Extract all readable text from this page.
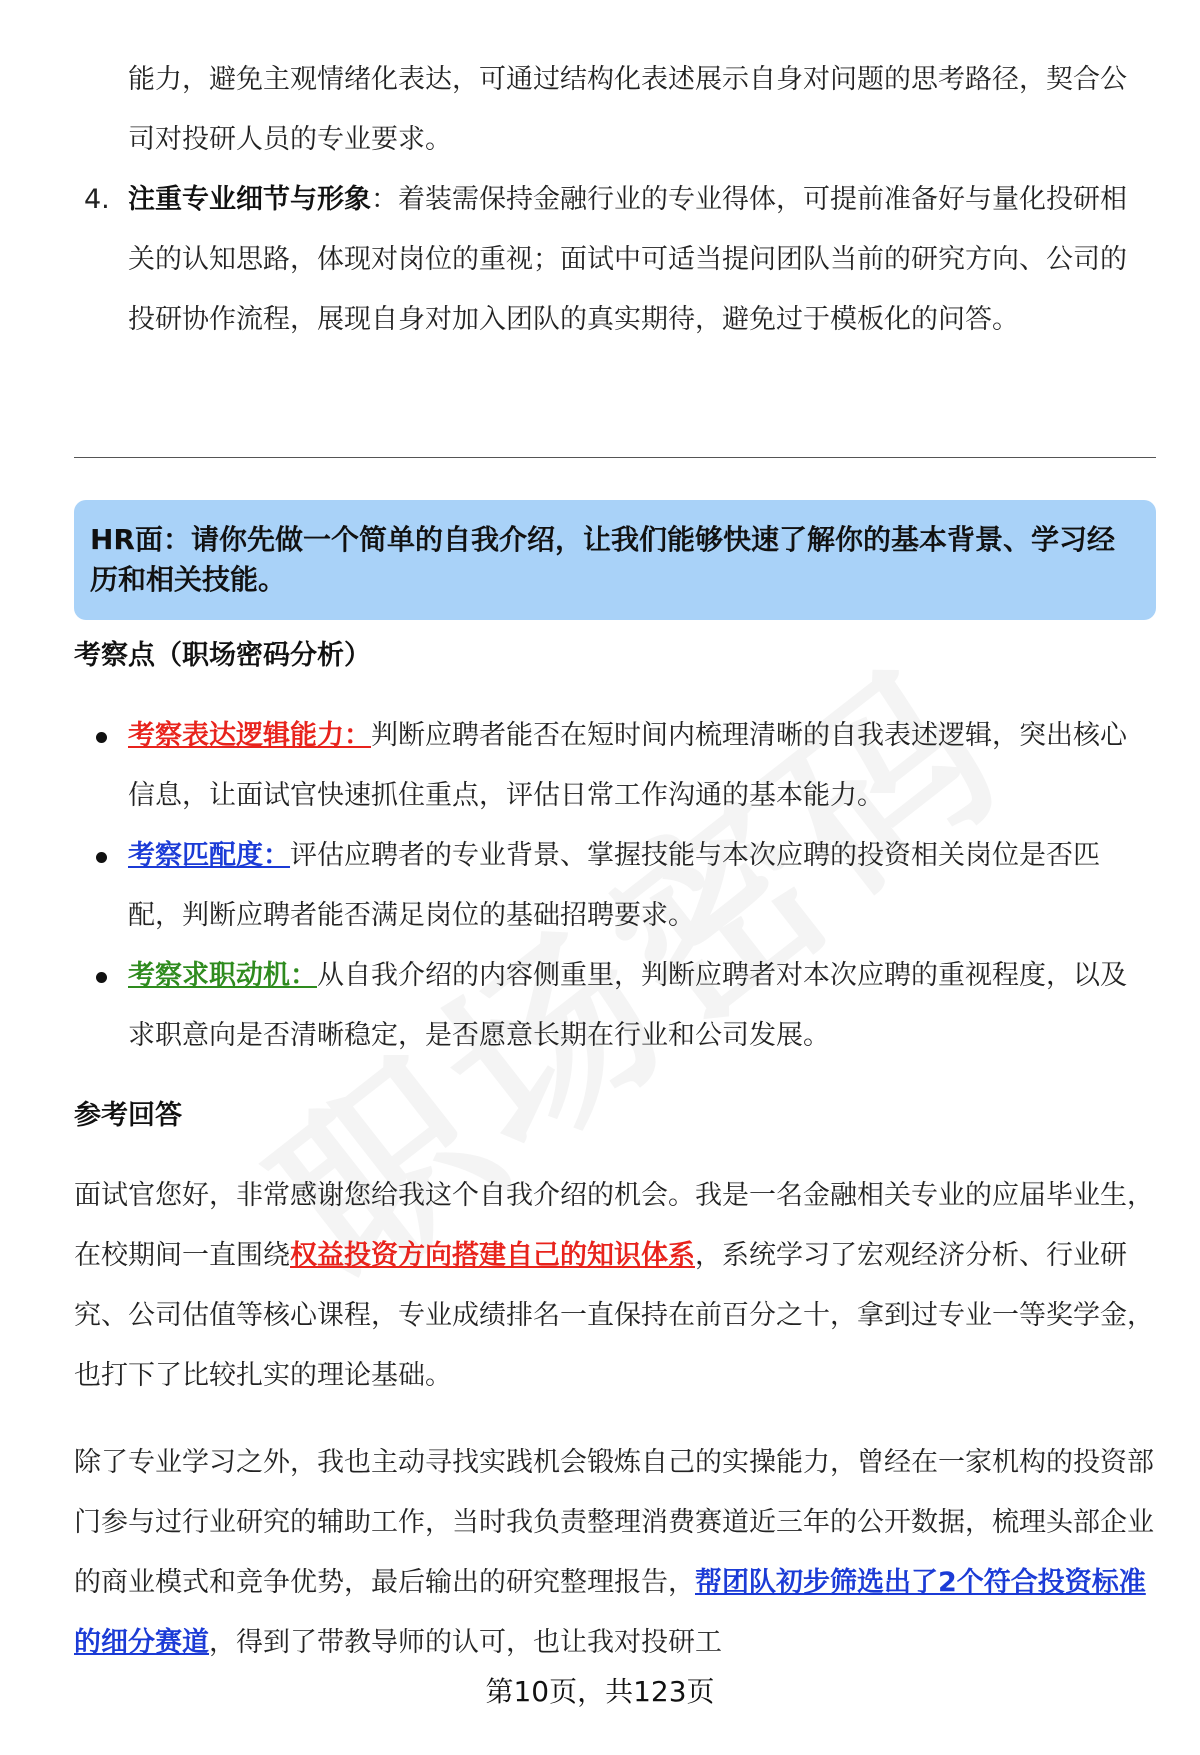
能力，避免主观情绪化表达，可通过结构化表述展示自身对问题的思考路径，契合公司对投研人员的专业要求。
4. 注重专业细节与形象：着装需保持金融行业的专业得体，可提前准备好与量化投研相关的认知思路，体现对岗位的重视；面试中可适当提问团队当前的研究方向、公司的投研协作流程，展现自身对加入团队的真实期待，避免过于模板化的问答。
HR面：请你先做一个简单的自我介绍，让我们能够快速了解你的基本背景、学习经历和相关技能。
考察点（职场密码分析）
考察表达逻辑能力：判断应聘者能否在短时间内梳理清晰的自我表述逻辑，突出核心信息，让面试官快速抓住重点，评估日常工作沟通的基本能力。
考察匹配度：评估应聘者的专业背景、掌握技能与本次应聘的投资相关岗位是否匹配，判断应聘者能否满足岗位的基础招聘要求。
考察求职动机：从自我介绍的内容侧重里，判断应聘者对本次应聘的重视程度，以及求职意向是否清晰稳定，是否愿意长期在行业和公司发展。
参考回答
面试官您好，非常感谢您给我这个自我介绍的机会。我是一名金融相关专业的应届毕业生，在校期间一直围绕权益投资方向搭建自己的知识体系，系统学习了宏观经济分析、行业研究、公司估值等核心课程，专业成绩排名一直保持在前百分之十，拿到过专业一等奖学金，也打下了比较扎实的理论基础。
除了专业学习之外，我也主动寻找实践机会锻炼自己的实操能力，曾经在一家机构的投资部门参与过行业研究的辅助工作，当时我负责整理消费赛道近三年的公开数据，梳理头部企业的商业模式和竞争优势，最后输出的研究整理报告，帮团队初步筛选出了2个符合投资标准的细分赛道，得到了带教导师的认可，也让我对投研工
第10页，共123页
